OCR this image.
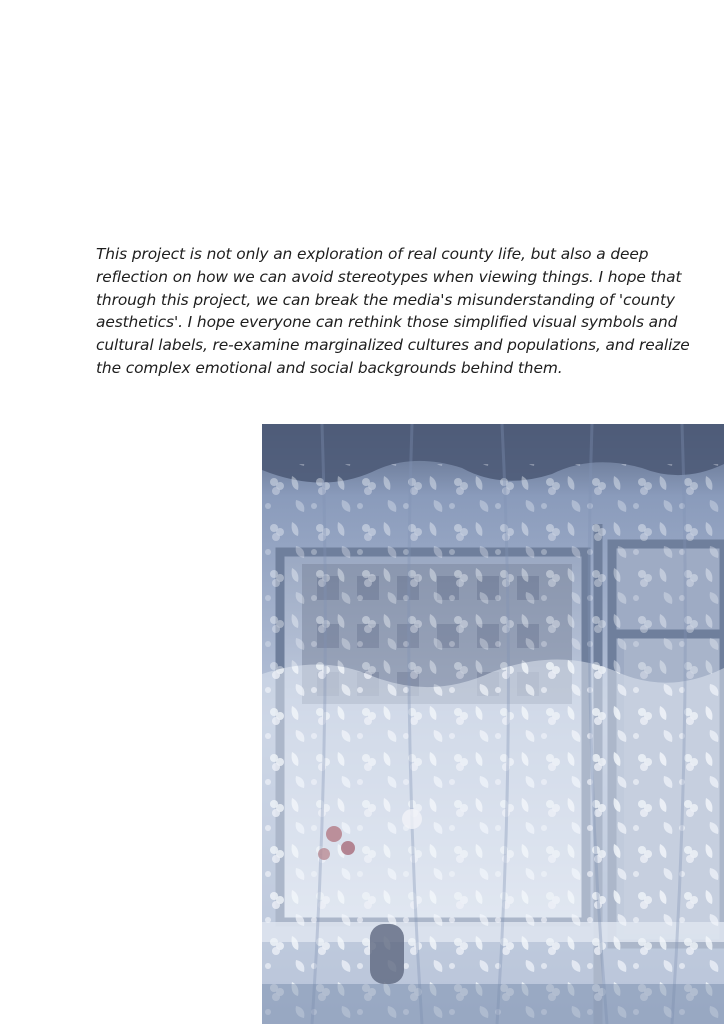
This project is not only an exploration of real county life, but also a deep reflection on how we can avoid stereotypes when viewing things. I hope that through this project, we can break the media's misunderstanding of 'county aesthetics'. I hope everyone can rethink those simplified visual symbols and cultural labels, re-examine marginalized cultures and populations, and realize the complex emotional and social backgrounds behind them.
